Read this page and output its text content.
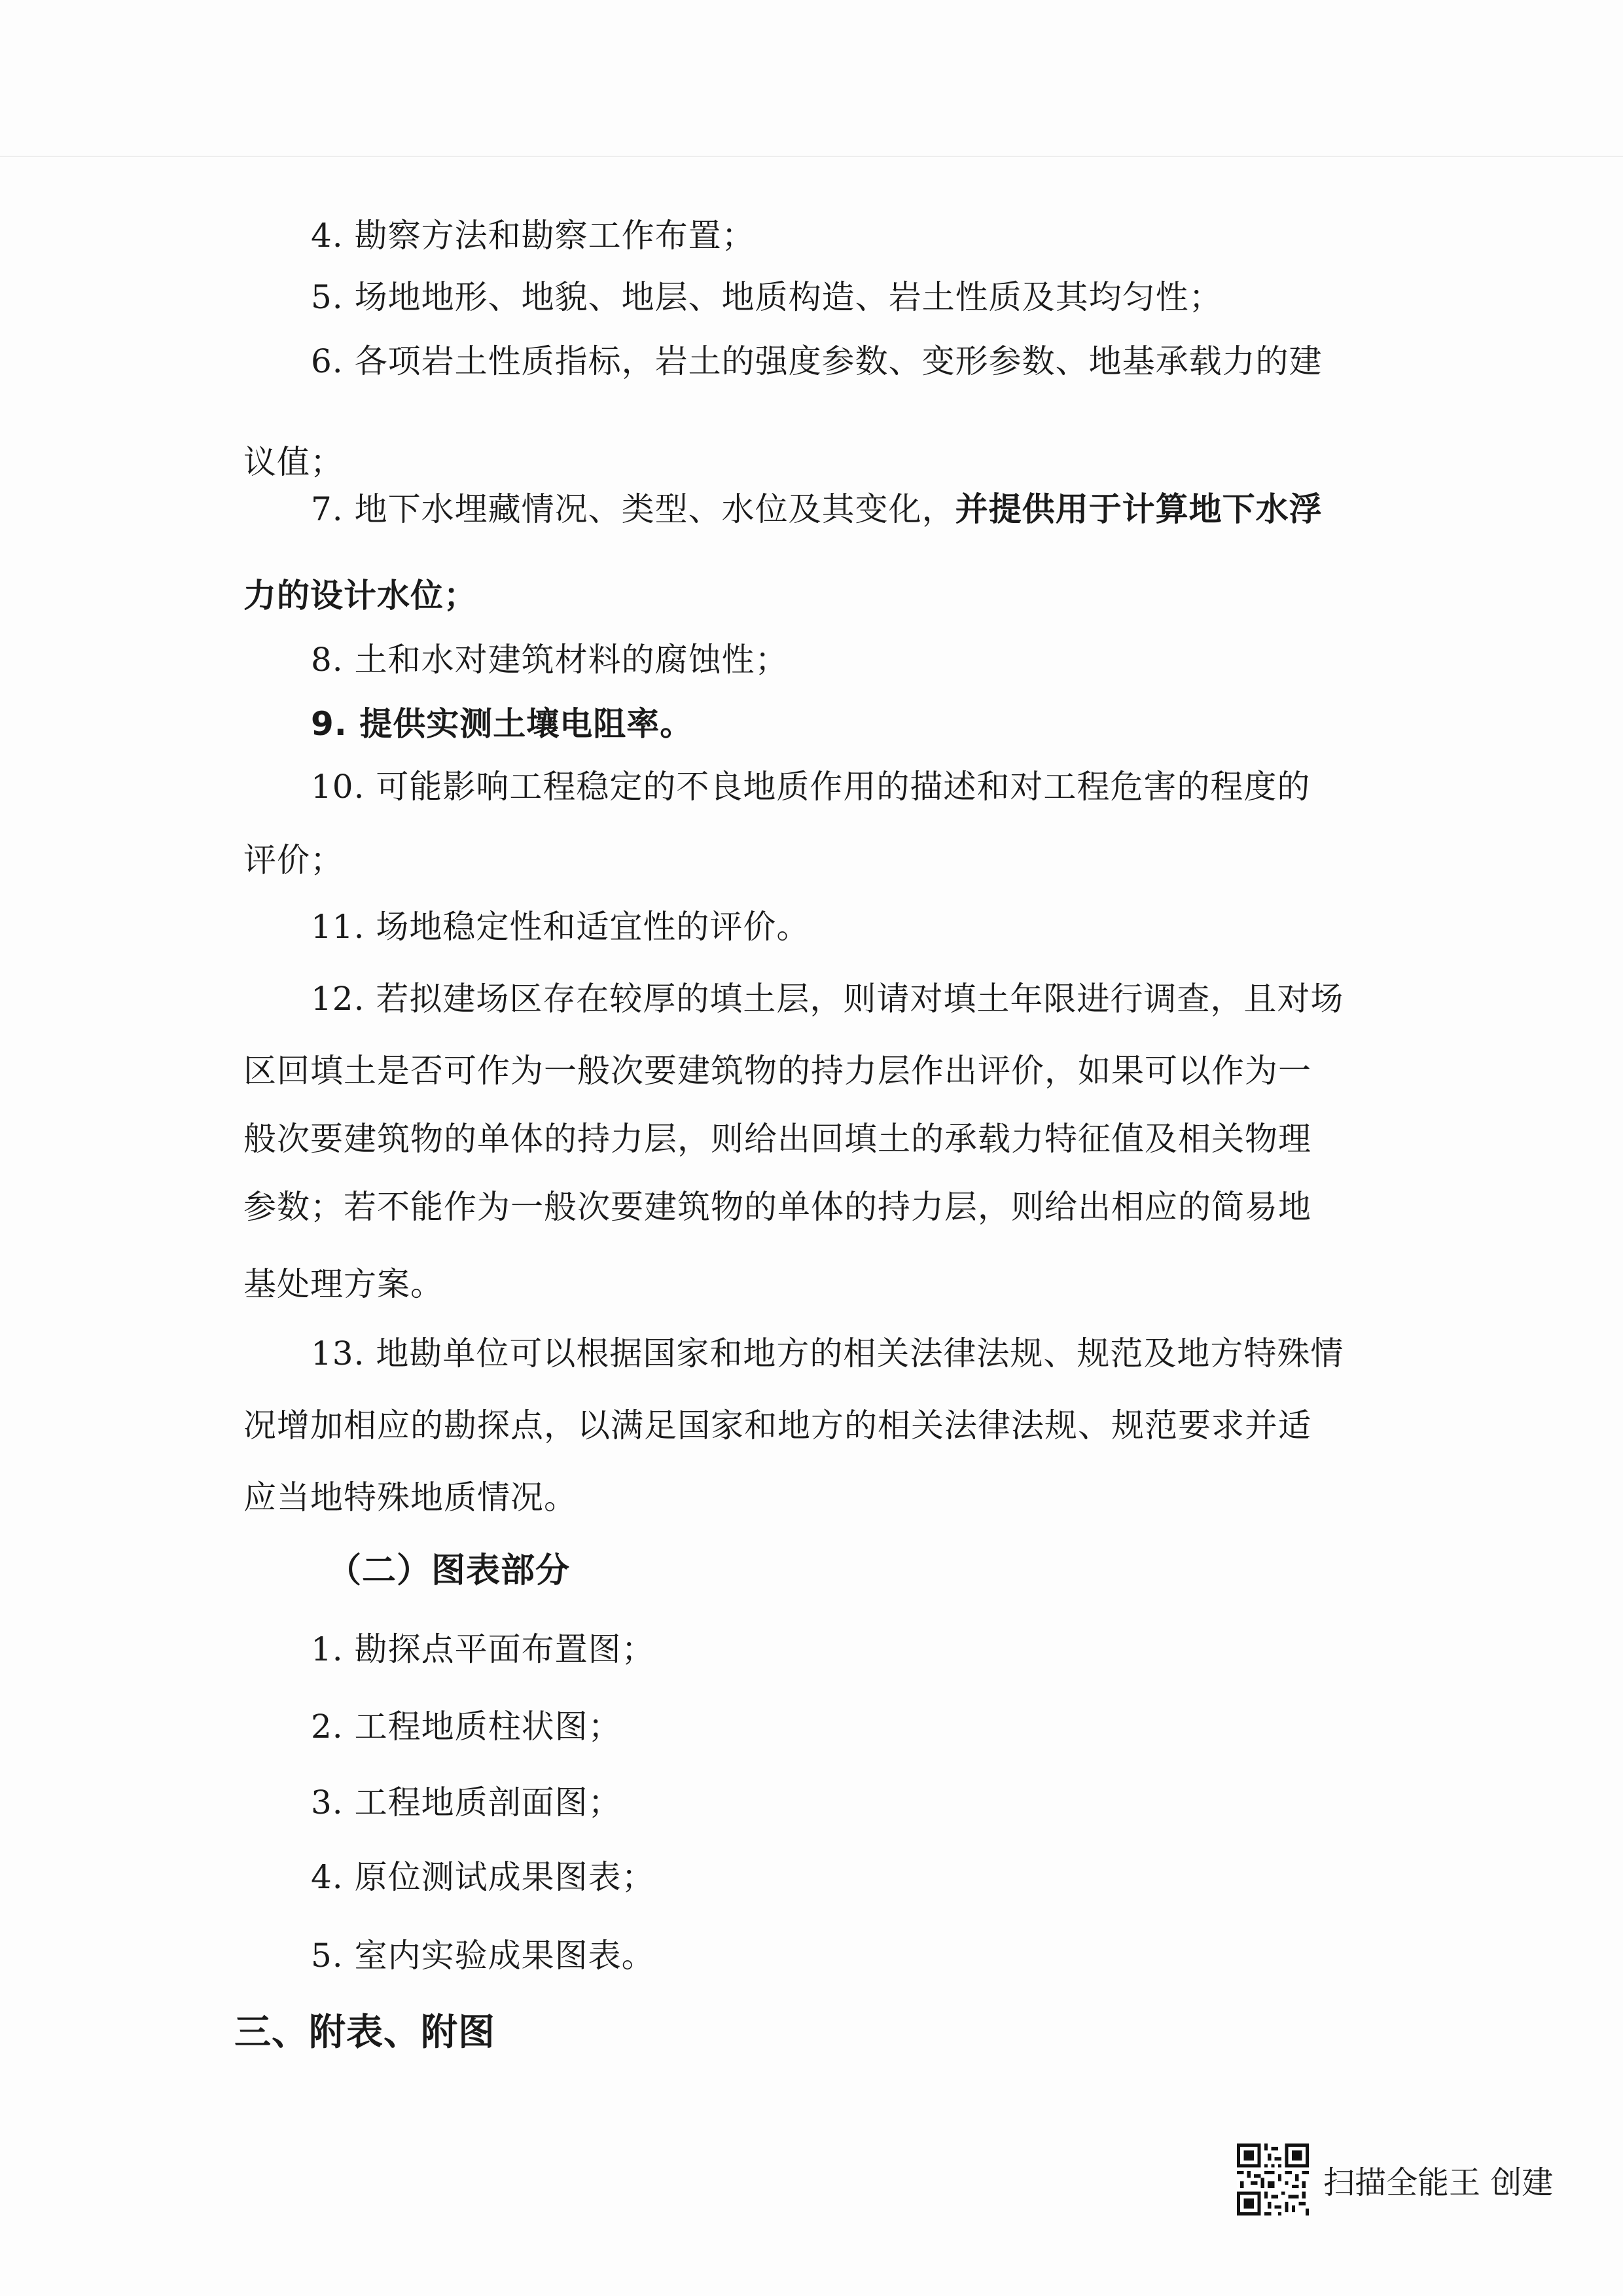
4. 勘察方法和勘察工作布置；
5. 场地地形、地貌、地层、地质构造、岩土性质及其均匀性；
6. 各项岩土性质指标，岩土的强度参数、变形参数、地基承载力的建
议值；
7. 地下水埋藏情况、类型、水位及其变化，并提供用于计算地下水浮
力的设计水位；
8. 土和水对建筑材料的腐蚀性；
9. 提供实测土壤电阻率。
10. 可能影响工程稳定的不良地质作用的描述和对工程危害的程度的
评价；
11. 场地稳定性和适宜性的评价。
12. 若拟建场区存在较厚的填土层，则请对填土年限进行调查，且对场
区回填土是否可作为一般次要建筑物的持力层作出评价，如果可以作为一
般次要建筑物的单体的持力层，则给出回填土的承载力特征值及相关物理
参数；若不能作为一般次要建筑物的单体的持力层，则给出相应的简易地
基处理方案。
13. 地勘单位可以根据国家和地方的相关法律法规、规范及地方特殊情
况增加相应的勘探点，以满足国家和地方的相关法律法规、规范要求并适
应当地特殊地质情况。
（二）图表部分
1. 勘探点平面布置图；
2. 工程地质柱状图；
3. 工程地质剖面图；
4. 原位测试成果图表；
5. 室内实验成果图表。
三、附表、附图
扫描全能王 创建
